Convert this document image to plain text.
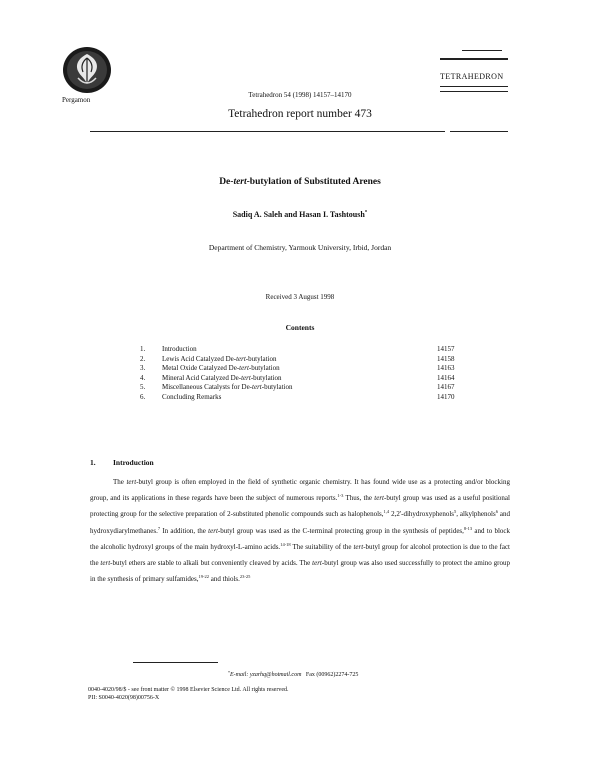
Pergamon
Tetrahedron 54 (1998) 14157–14170
Tetrahedron report number 473
TETRAHEDRON
De-tert-butylation of Substituted Arenes
Sadiq A. Saleh and Hasan I. Tashtoush*
Department of Chemistry, Yarmouk University, Irbid, Jordan
Received 3 August 1998
Contents
1. Introduction	14157
2. Lewis Acid Catalyzed De-tert-butylation	14158
3. Metal Oxide Catalyzed De-tert-butylation	14163
4. Mineral Acid Catalyzed De-tert-butylation	14164
5. Miscellaneous Catalysts for De-tert-butylation	14167
6. Concluding Remarks	14170
1. Introduction

The tert-butyl group is often employed in the field of synthetic organic chemistry. It has found wide use as a protecting and/or blocking group, and its applications in these regards have been the subject of numerous reports.$^{1-3}$ Thus, the tert-butyl group was used as a useful positional protecting group for the selective preparation of 2-substituted phenolic compounds such as halophenols,$^{1,4}$ 2,2'-dihydroxyphenols$^5$, alkylphenols$^6$ and hydroxydiarylmethanes.$^7$ In addition, the tert-butyl group was used as the C-terminal protecting group in the synthesis of peptides,$^{8-13}$ and to block the alcoholic hydroxyl groups of the main hydroxyl-L-amino acids.$^{14-18}$ The suitability of the tert-butyl group for alcohol protection is due to the fact the tert-butyl ethers are stable to alkali but conveniently cleaved by acids. The tert-butyl group was also used successfully to protect the amino group in the synthesis of primary sulfamides,$^{19-22}$ and thiols.$^{23-25}$

*E-mail: yzarhq@hotmail.com Fax (00962)2274-725
0040-4020/98/$ - see front matter © 1998 Elsevier Science Ltd. All rights reserved.
PII: S0040-4020(98)00756-X
